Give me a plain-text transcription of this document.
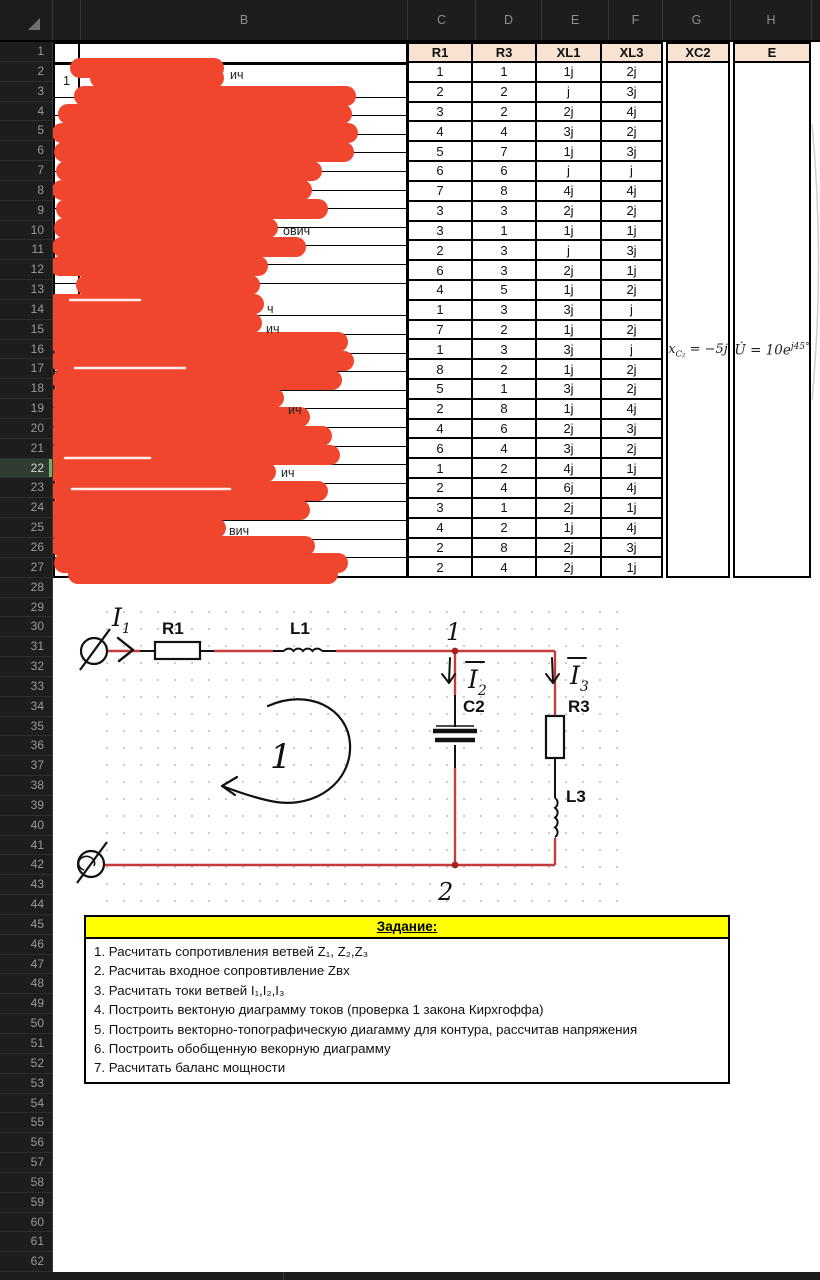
B	C	D	E	F	G	H
1
2
3
4
5
6
7
8
9
10
11
12
13
14
15
16
17
18
19
20
21
22
23
24
25
26
27
28
29
30
31
32
33
34
35
36
37
38
39
40
41
42
43
44
45
46
47
48
49
50
51
52
53
54
55
56
57
58
59
60
61
62
1
12
R1	R3	XL1	XL3
1	1	1j	2j
2	2	j	3j
3	2	2j	4j
4	4	3j	2j
5	7	1j	3j
6	6	j	j
7	8	4j	4j
3	3	2j	2j
3	1	1j	1j
2	3	j	3j
6	3	2j	1j
4	5	1j	2j
1	3	3j	j
7	2	1j	2j
1	3	3j	j
8	2	1j	2j
5	1	3j	2j
2	8	1j	4j
4	6	2j	3j
6	4	3j	2j
1	2	4j	1j
2	4	6j	4j
3	1	2j	1j
4	2	1j	4j
2	8	2j	3j
2	4	2j	1j
XC2
$x_{C_2} = -5j$
E
U̇ = $10e^{j45^\circ}$
R1	L1
C2	R3
L3
$I_1$
$I_2$
$I_3$
1
2
1
Задание:
1. Расчитать сопротивления ветвей Z₁, Z₂,Z₃
2. Расчитаь входное сопровтивление Zвх
3. Расчитать токи ветвей I₁,I₂,I₃
4. Построить вектоную диаграмму токов (проверка 1 закона Кирхгоффа)
5. Построить векторно-топографическую диагамму для контура, рассчитав напряжения
6. Построить обобщенную векорную диаграмму
7. Расчитать баланс мощности
ич
ович
ч
ич
ич
ич
вич
